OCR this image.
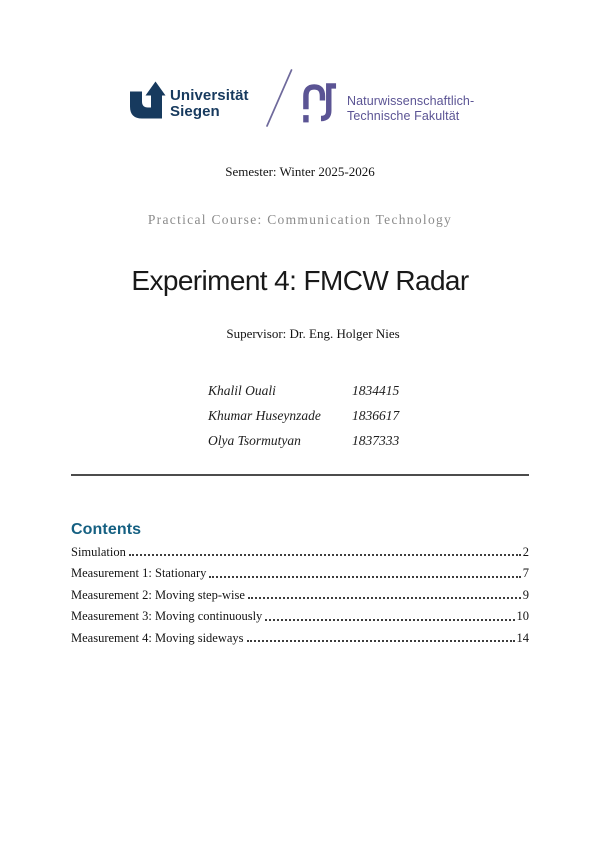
Universität
Siegen
Naturwissenschaftlich-
Technische Fakultät
Semester: Winter 2025-2026
Practical Course: Communication Technology
Experiment 4: FMCW Radar
Supervisor: Dr. Eng. Holger Nies
Khalil Ouali	1834415
Khumar Huseynzade 1836617
Olya Tsormutyan	1837333
Contents
Simulation	2
Measurement 1: Stationary	7
Measurement 2: Moving step-wise	9
Measurement 3: Moving continuously	10
Measurement 4: Moving sideways	14
